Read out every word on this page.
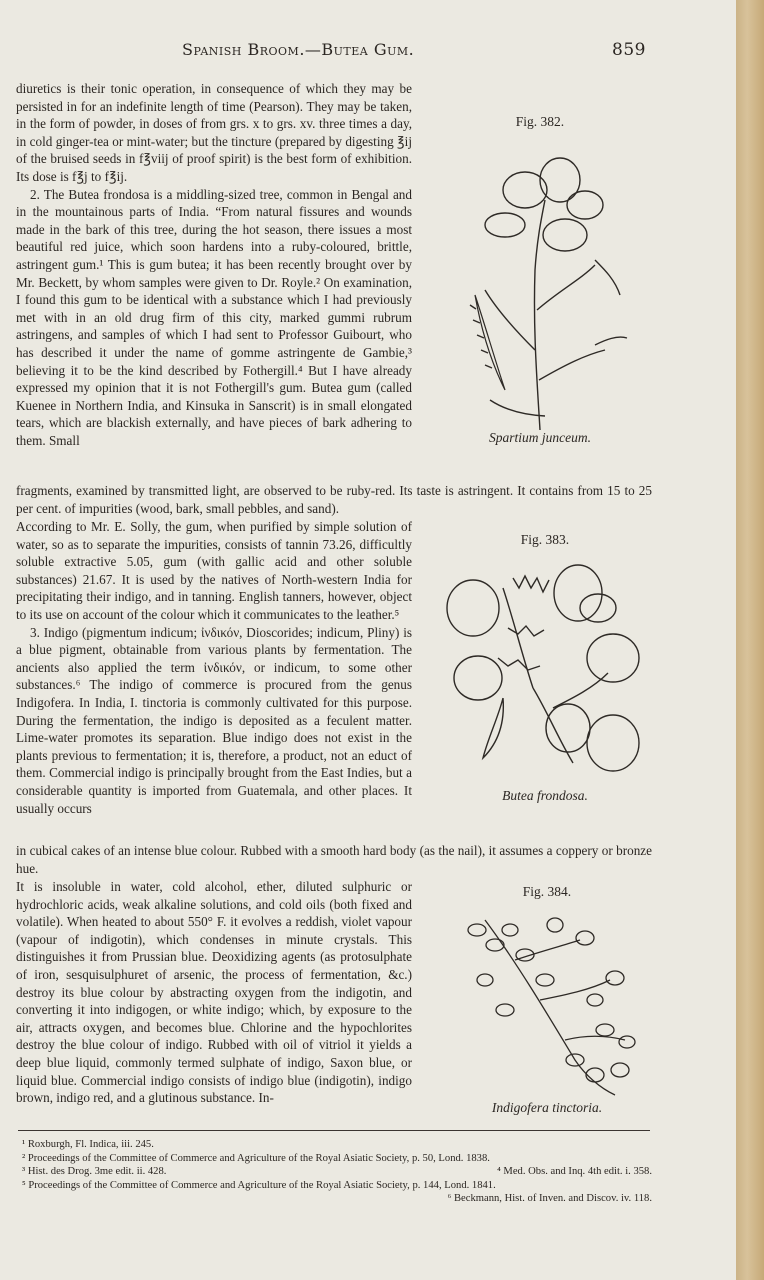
Spanish Broom.—Butea Gum.	859

diuretics is their tonic operation, in consequence of which they may be persisted in for an indefinite length of time (Pearson). They may be taken, in the form of powder, in doses of from grs. x to grs. xv. three times a day, in cold ginger-tea or mint-water; but the tincture (prepared by digesting ℥ij of the bruised seeds in f℥viij of proof spirit) is the best form of exhibition. Its dose is f℥j to f℥ij.

2. The Butea frondosa is a middling-sized tree, common in Bengal and in the mountainous parts of India. “From natural fissures and wounds made in the bark of this tree, during the hot season, there issues a most beautiful red juice, which soon hardens into a ruby-coloured, brittle, astringent gum.¹ This is gum butea; it has been recently brought over by Mr. Beckett, by whom samples were given to Dr. Royle.² On examination, I found this gum to be identical with a substance which I had previously met with in an old drug firm of this city, marked gummi rubrum astringens, and samples of which I had sent to Professor Guibourt, who has described it under the name of gomme astringente de Gambie,³ believing it to be the kind described by Fothergill.⁴ But I have already expressed my opinion that it is not Fothergill's gum. Butea gum (called Kuenee in Northern India, and Kinsuka in Sanscrit) is in small elongated tears, which are blackish externally, and have pieces of bark adhering to them. Small

fragments, examined by transmitted light, are observed to be ruby-red. Its taste is astringent. It contains from 15 to 25 per cent. of impurities (wood, bark, small pebbles, and sand).

According to Mr. E. Solly, the gum, when purified by simple solution of water, so as to separate the impurities, consists of tannin 73.26, difficultly soluble extractive 5.05, gum (with gallic acid and other soluble substances) 21.67. It is used by the natives of North-western India for precipitating their indigo, and in tanning. English tanners, however, object to its use on account of the colour which it communicates to the leather.⁵

3. Indigo (pigmentum indicum; ἰνδικόν, Dioscorides; indicum, Pliny) is a blue pigment, obtainable from various plants by fermentation. The ancients also applied the term ἰνδικόν, or indicum, to some other substances.⁶ The indigo of commerce is procured from the genus Indigofera. In India, I. tinctoria is commonly cultivated for this purpose. During the fermentation, the indigo is deposited as a feculent matter. Lime-water promotes its separation. Blue indigo does not exist in the plants previous to fermentation; it is, therefore, a product, not an educt of them. Commercial indigo is principally brought from the East Indies, but a considerable quantity is imported from Guatemala, and other places. It usually occurs

in cubical cakes of an intense blue colour. Rubbed with a smooth hard body (as the nail), it assumes a coppery or bronze hue.

It is insoluble in water, cold alcohol, ether, diluted sulphuric or hydrochloric acids, weak alkaline solutions, and cold oils (both fixed and volatile). When heated to about 550° F. it evolves a reddish, violet vapour (vapour of indigotin), which condenses in minute crystals. This distinguishes it from Prussian blue. Deoxidizing agents (as protosulphate of iron, sesquisulphuret of arsenic, the process of fermentation, &c.) destroy its blue colour by abstracting oxygen from the indigotin, and converting it into indigogen, or white indigo; which, by exposure to the air, attracts oxygen, and becomes blue. Chlorine and the hypochlorites destroy the blue colour of indigo. Rubbed with oil of vitriol it yields a deep blue liquid, commonly termed sulphate of indigo, Saxon blue, or liquid blue. Commercial indigo consists of indigo blue (indigotin), indigo brown, indigo red, and a glutinous substance. In-

Fig. 382.
Spartium junceum.
Fig. 383.
Butea frondosa.
Fig. 384.
Indigofera tinctoria.
¹ Roxburgh, Fl. Indica, iii. 245.
² Proceedings of the Committee of Commerce and Agriculture of the Royal Asiatic Society, p. 50, Lond. 1838.
³ Hist. des Drog. 3me edit. ii. 428.	⁴ Med. Obs. and Inq. 4th edit. i. 358.
⁵ Proceedings of the Committee of Commerce and Agriculture of the Royal Asiatic Society, p. 144, Lond. 1841.
⁶ Beckmann, Hist. of Inven. and Discov. iv. 118.
